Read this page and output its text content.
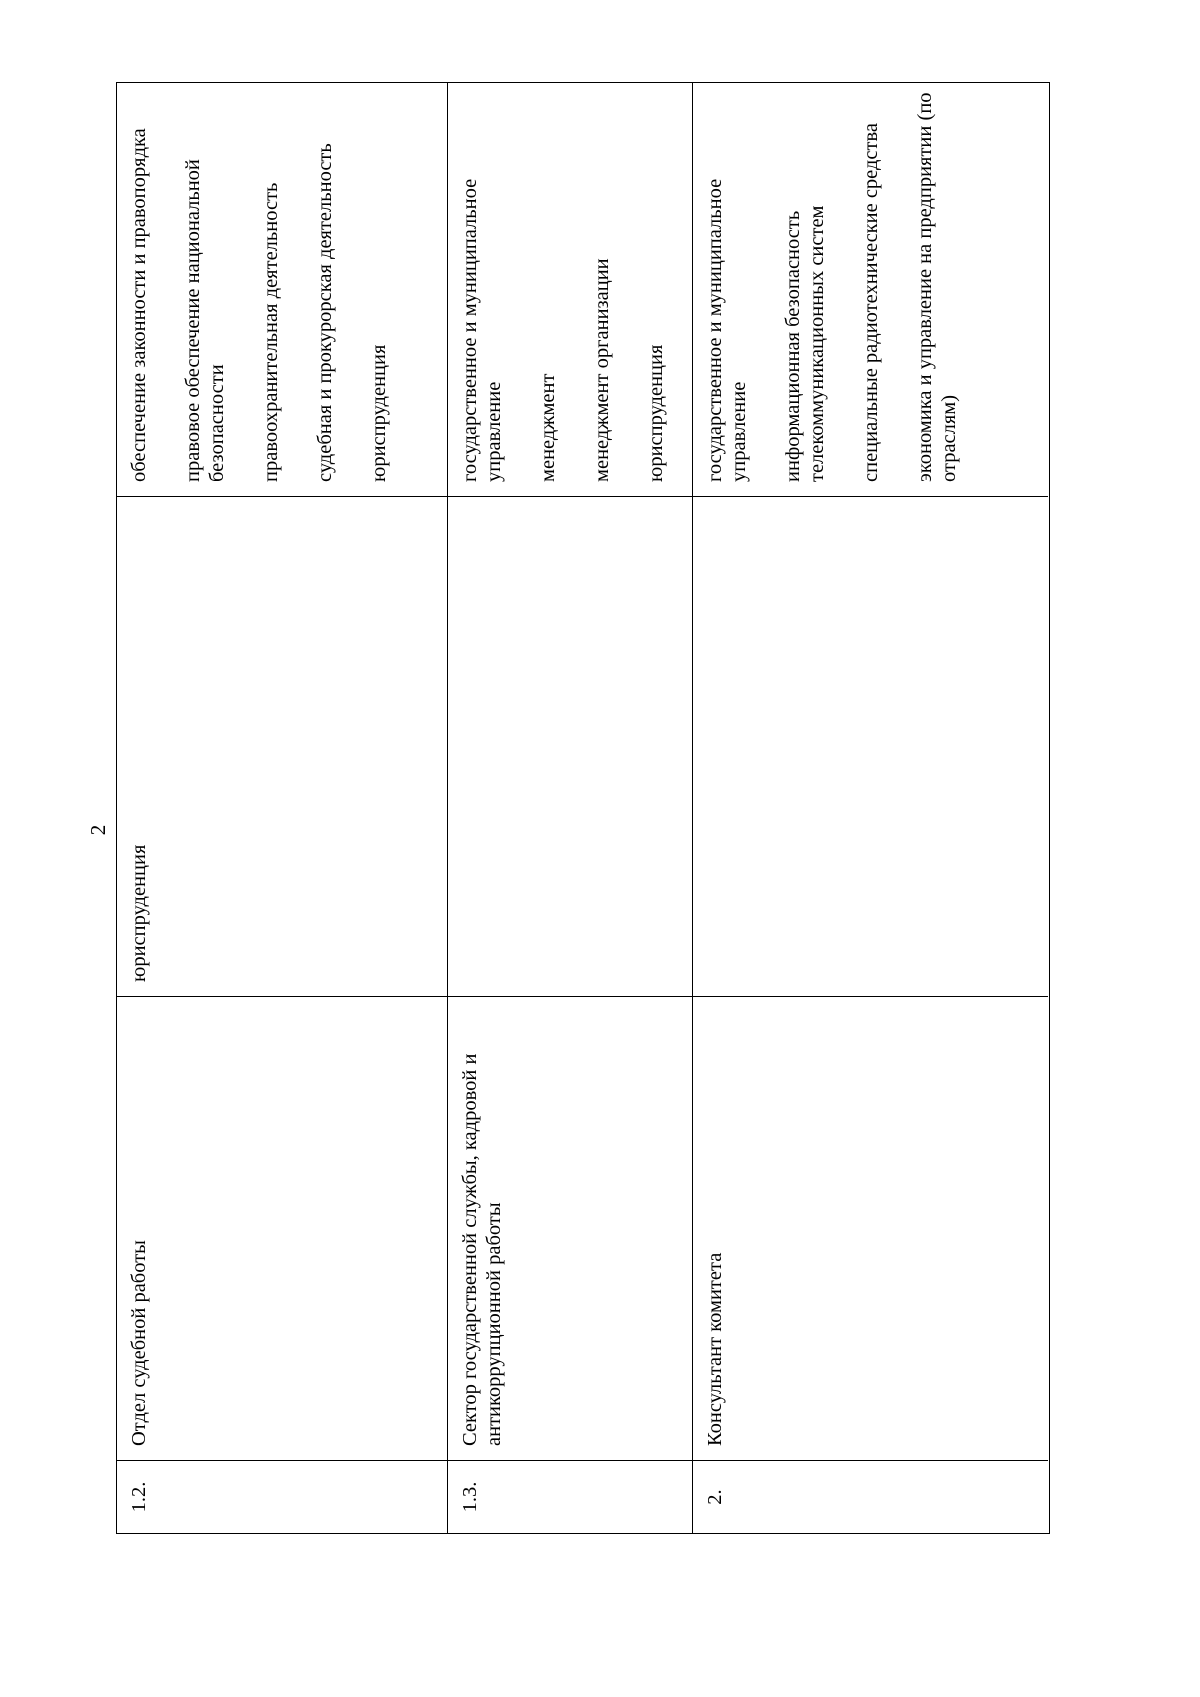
2
1.2.
Отдел судебной работы
юриспруденция
обеспечение законности и правопорядка правовое обеспечение национальной безопасности правоохранительная деятельность судебная и прокурорская деятельность юриспруденция
1.3.
Сектор государственной службы, кадровой и антикоррупционной работы
государственное и муниципальное управление менеджмент менеджмент организации юриспруденция
2.
Консультант комитета
государственное и муниципальное управление информационная безопасность телекоммуникационных систем специальные радиотехнические средства экономика и управление на предприятии (по отраслям)
